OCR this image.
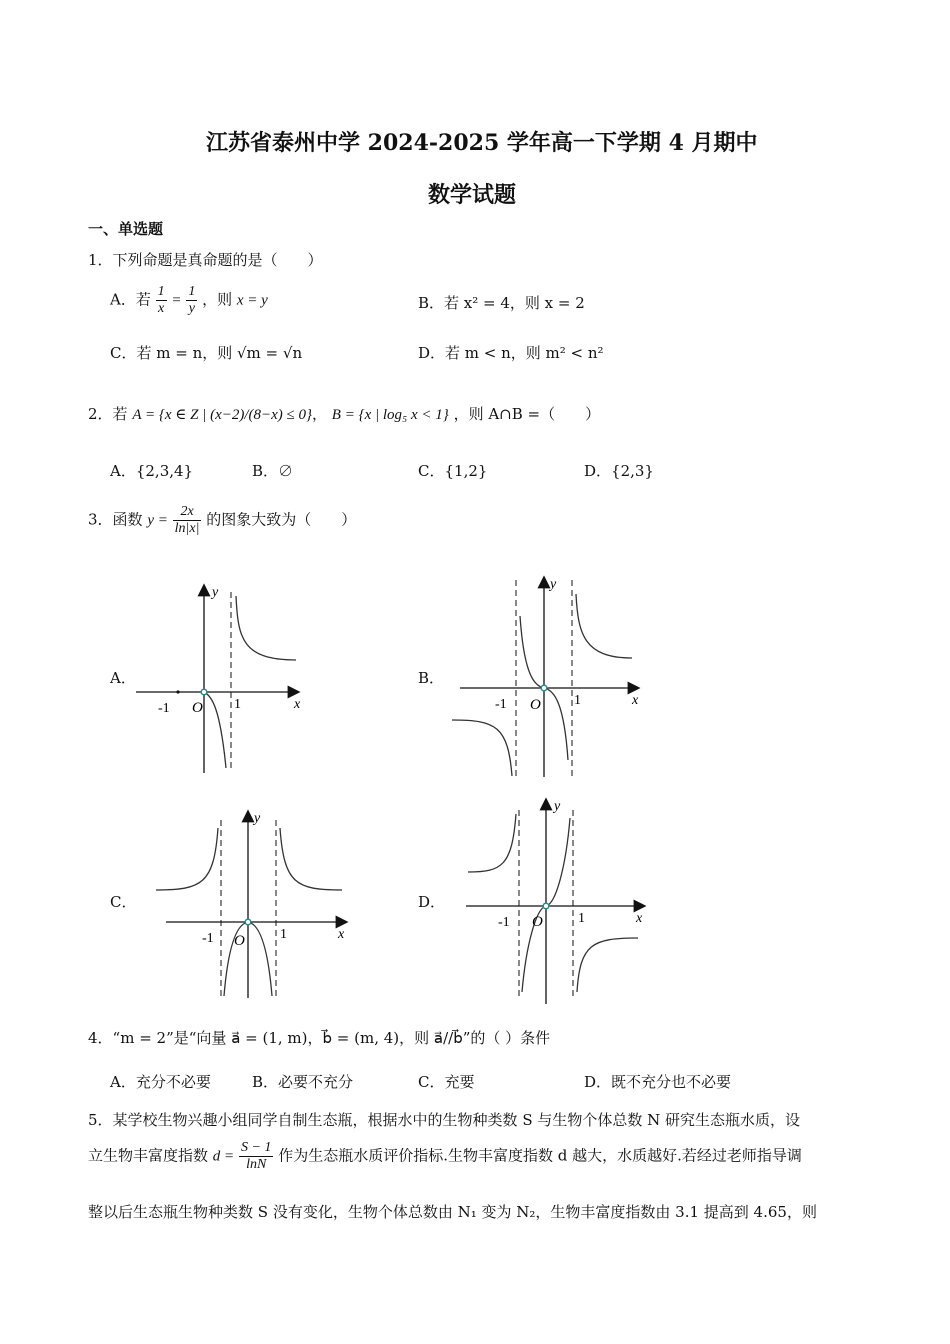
江苏省泰州中学 2024-2025 学年高一下学期 4 月期中
数学试题
一、单选题
1．下列命题是真命题的是（　　）
A．若 $\frac{1}{x} = \frac{1}{y}$ ，则 x = y	B．若 x² = 4，则 x = 2
C．若 m = n，则 √m = √n	D．若 m < n，则 m² < n²
2．若 A = {x ∈ Z | (x−2)/(8−x) ≤ 0}， B = {x | log₅ x < 1} ，则 A∩B =（　　）
A．{2,3,4}	B．∅	C．{1,2}	D．{2,3}
3．函数 $y = \frac{2x}{\ln|x|}$ 的图象大致为（　　）
A．	B．
C．	D．
-1 O 1	x
y
-1 O 1	x
y
-1 O	1	x
y
-1 O	1	x
y
4．“m = 2”是“向量 a⃗ = (1, m)，b⃗ = (m, 4)，则 a⃗//b⃗”的（ ）条件
A．充分不必要	B．必要不充分	C．充要	D．既不充分也不必要
5．某学校生物兴趣小组同学自制生态瓶，根据水中的生物种类数 S 与生物个体总数 N 研究生态瓶水质，设
立生物丰富度指数 $d = \frac{S - 1}{\ln N}$ 作为生态瓶水质评价指标.生物丰富度指数 d 越大，水质越好.若经过老师指导调
整以后生态瓶生物种类数 S 没有变化，生物个体总数由 N₁ 变为 N₂，生物丰富度指数由 3.1 提高到 4.65，则
